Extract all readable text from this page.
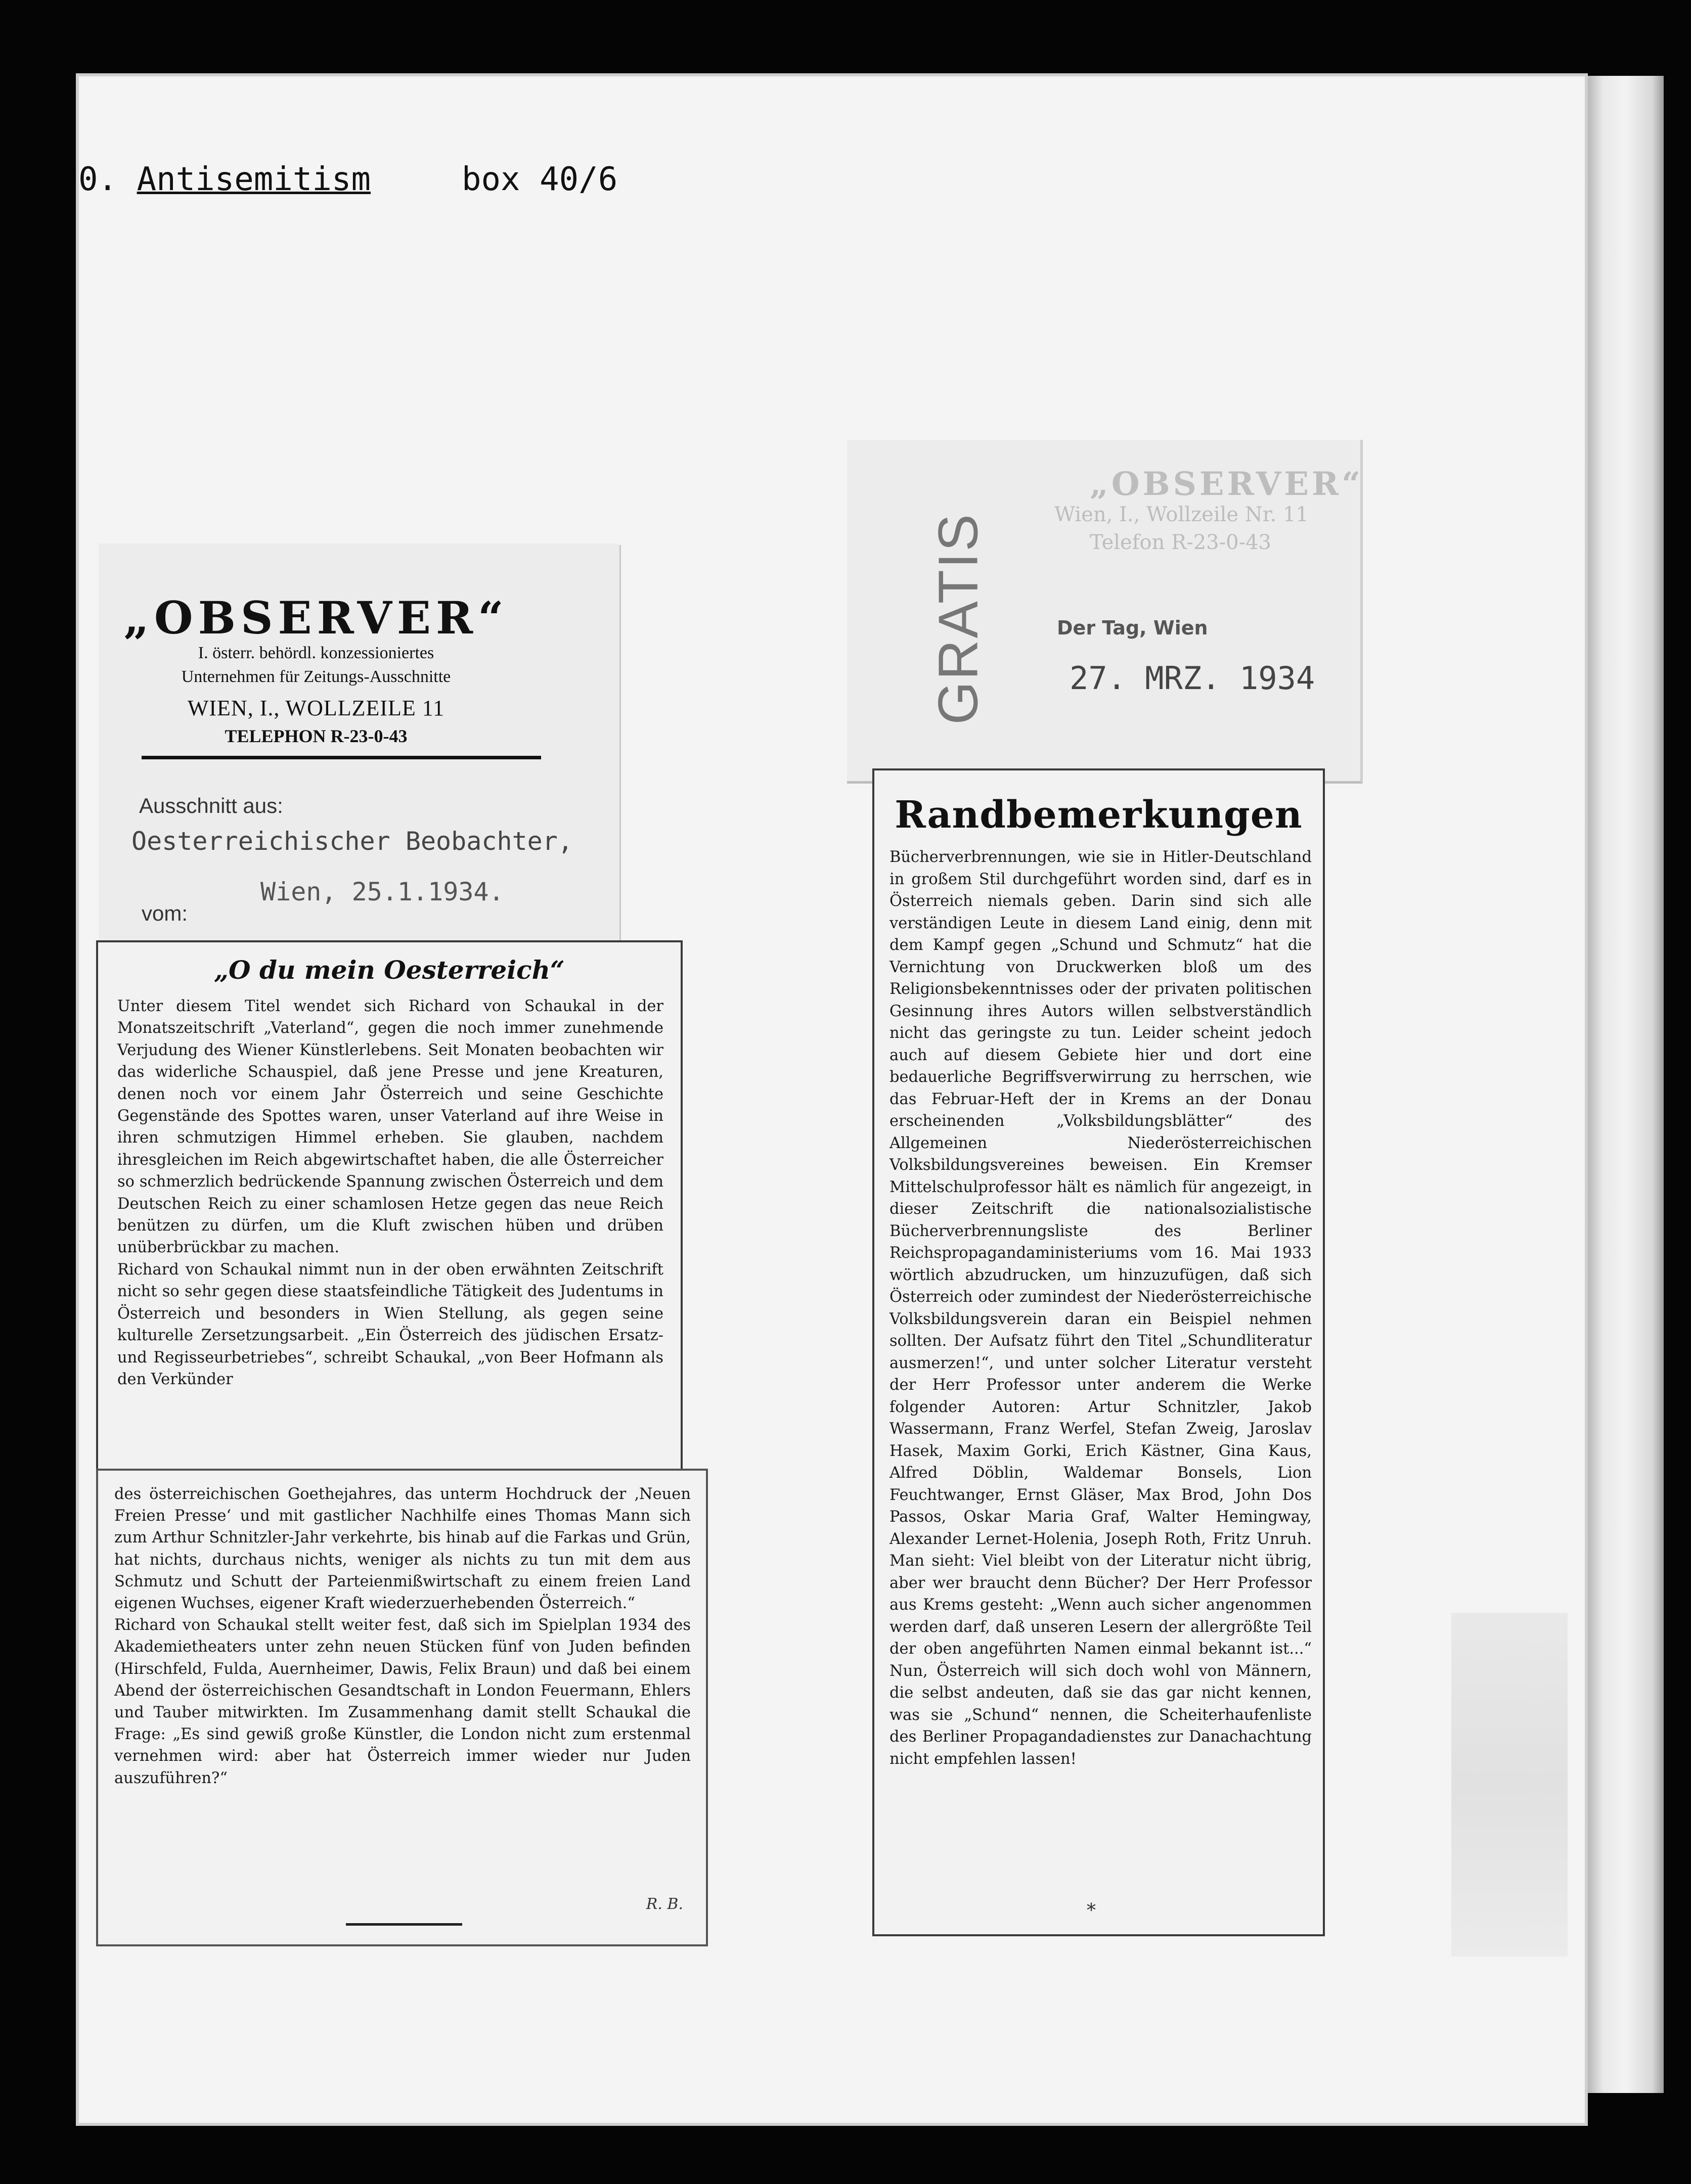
0. Antisemitism	box 40/6
„OBSERVER“
I. österr. behördl. konzessioniertes
Unternehmen für Zeitungs-Ausschnitte
WIEN, I., WOLLZEILE 11
TELEPHON R-23-0-43
Ausschnitt aus:
Oesterreichischer Beobachter,
Wien, 25.1.1934.
vom:
„O du mein Oesterreich“
Unter diesem Titel wendet sich Richard von Schaukal in der Monatszeitschrift „Vaterland“, gegen die noch immer zunehmende Verjudung des Wiener Künstlerlebens. Seit Monaten beobachten wir das widerliche Schauspiel, daß jene Presse und jene Kreaturen, denen noch vor einem Jahr Österreich und seine Geschichte Gegenstände des Spottes waren, unser Vaterland auf ihre Weise in ihren schmutzigen Himmel erheben. Sie glauben, nachdem ihresgleichen im Reich abgewirtschaftet haben, die alle Österreicher so schmerzlich bedrückende Spannung zwischen Österreich und dem Deutschen Reich zu einer schamlosen Hetze gegen das neue Reich benützen zu dürfen, um die Kluft zwischen hüben und drüben unüberbrückbar zu machen.
Richard von Schaukal nimmt nun in der oben erwähnten Zeitschrift nicht so sehr gegen diese staatsfeindliche Tätigkeit des Judentums in Österreich und besonders in Wien Stellung, als gegen seine kulturelle Zersetzungsarbeit. „Ein Österreich des jüdischen Ersatz- und Regisseurbetriebes“, schreibt Schaukal, „von Beer Hofmann als den Verkünder
des österreichischen Goethejahres, das unterm Hochdruck der ‚Neuen Freien Presse‘ und mit gastlicher Nachhilfe eines Thomas Mann sich zum Arthur Schnitzler-Jahr verkehrte, bis hinab auf die Farkas und Grün, hat nichts, durchaus nichts, weniger als nichts zu tun mit dem aus Schmutz und Schutt der Parteienmißwirtschaft zu einem freien Land eigenen Wuchses, eigener Kraft wiederzuerhebenden Österreich.“
Richard von Schaukal stellt weiter fest, daß sich im Spielplan 1934 des Akademietheaters unter zehn neuen Stücken fünf von Juden befinden (Hirschfeld, Fulda, Auernheimer, Dawis, Felix Braun) und daß bei einem Abend der österreichischen Gesandtschaft in London Feuermann, Ehlers und Tauber mitwirkten. Im Zusammenhang damit stellt Schaukal die Frage: „Es sind gewiß große Künstler, die London nicht zum erstenmal vernehmen wird: aber hat Österreich immer wieder nur Juden auszuführen?“
R. B.
GRATIS
„OBSERVER“
Wien, I., Wollzeile Nr. 11
Telefon R-23-0-43
Der Tag, Wien
27. MRZ. 1934
Randbemerkungen
Bücherverbrennungen, wie sie in Hitler-Deutschland in großem Stil durchgeführt worden sind, darf es in Österreich niemals geben. Darin sind sich alle verständigen Leute in diesem Land einig, denn mit dem Kampf gegen „Schund und Schmutz“ hat die Vernichtung von Druckwerken bloß um des Religionsbekenntnisses oder der privaten politischen Gesinnung ihres Autors willen selbstverständlich nicht das geringste zu tun. Leider scheint jedoch auch auf diesem Gebiete hier und dort eine bedauerliche Begriffsverwirrung zu herrschen, wie das Februar-Heft der in Krems an der Donau erscheinenden „Volksbildungsblätter“ des Allgemeinen Niederösterreichischen Volksbildungsvereines beweisen. Ein Kremser Mittelschulprofessor hält es nämlich für angezeigt, in dieser Zeitschrift die nationalsozialistische Bücherverbrennungsliste des Berliner Reichspropagandaministeriums vom 16. Mai 1933 wörtlich abzudrucken, um hinzuzufügen, daß sich Österreich oder zumindest der Niederösterreichische Volksbildungsverein daran ein Beispiel nehmen sollten. Der Aufsatz führt den Titel „Schundliteratur ausmerzen!“, und unter solcher Literatur versteht der Herr Professor unter anderem die Werke folgender Autoren: Artur Schnitzler, Jakob Wassermann, Franz Werfel, Stefan Zweig, Jaroslav Hasek, Maxim Gorki, Erich Kästner, Gina Kaus, Alfred Döblin, Waldemar Bonsels, Lion Feuchtwanger, Ernst Gläser, Max Brod, John Dos Passos, Oskar Maria Graf, Walter Hemingway, Alexander Lernet-Holenia, Joseph Roth, Fritz Unruh. Man sieht: Viel bleibt von der Literatur nicht übrig, aber wer braucht denn Bücher? Der Herr Professor aus Krems gesteht: „Wenn auch sicher angenommen werden darf, daß unseren Lesern der allergrößte Teil der oben angeführten Namen einmal bekannt ist...“ Nun, Österreich will sich doch wohl von Männern, die selbst andeuten, daß sie das gar nicht kennen, was sie „Schund“ nennen, die Scheiterhaufenliste des Berliner Propagandadienstes zur Danachachtung nicht empfehlen lassen!
*
